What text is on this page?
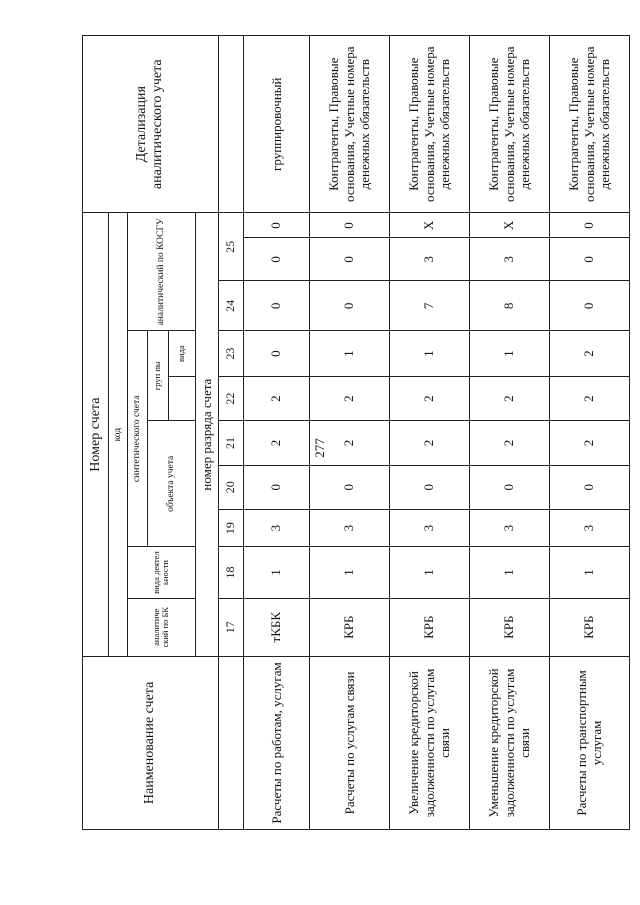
277
Наименование счета	Номер счета										Детализация аналитического учета
	код										
	аналитиче ский по БК	вида деятел ьности	синтетического счета					аналитический по КОСГУ			
			объекта учета			груп пы					
							вида				
	номер разряда счета										
	17	18	19	20	21	22	23	24	25		
Расчеты по работам, услугам	тКБК	1	3	0	2	2	0	0	0	0	группировочный
Расчеты по услугам связи	КРБ	1	3	0	2	2	1	0	0	0	Контрагенты, Правовые основания, Учетные номера денежных обязательств
Увеличение кредиторской задолженности по услугам связи	КРБ	1	3	0	2	2	1	7	3	Х	Контрагенты, Правовые основания, Учетные номера денежных обязательств
Уменьшение кредиторской задолженности по услугам связи	КРБ	1	3	0	2	2	1	8	3	Х	Контрагенты, Правовые основания, Учетные номера денежных обязательств
Расчеты по транспортным услугам	КРБ	1	3	0	2	2	2	0	0	0	Контрагенты, Правовые основания, Учетные номера денежных обязательств
